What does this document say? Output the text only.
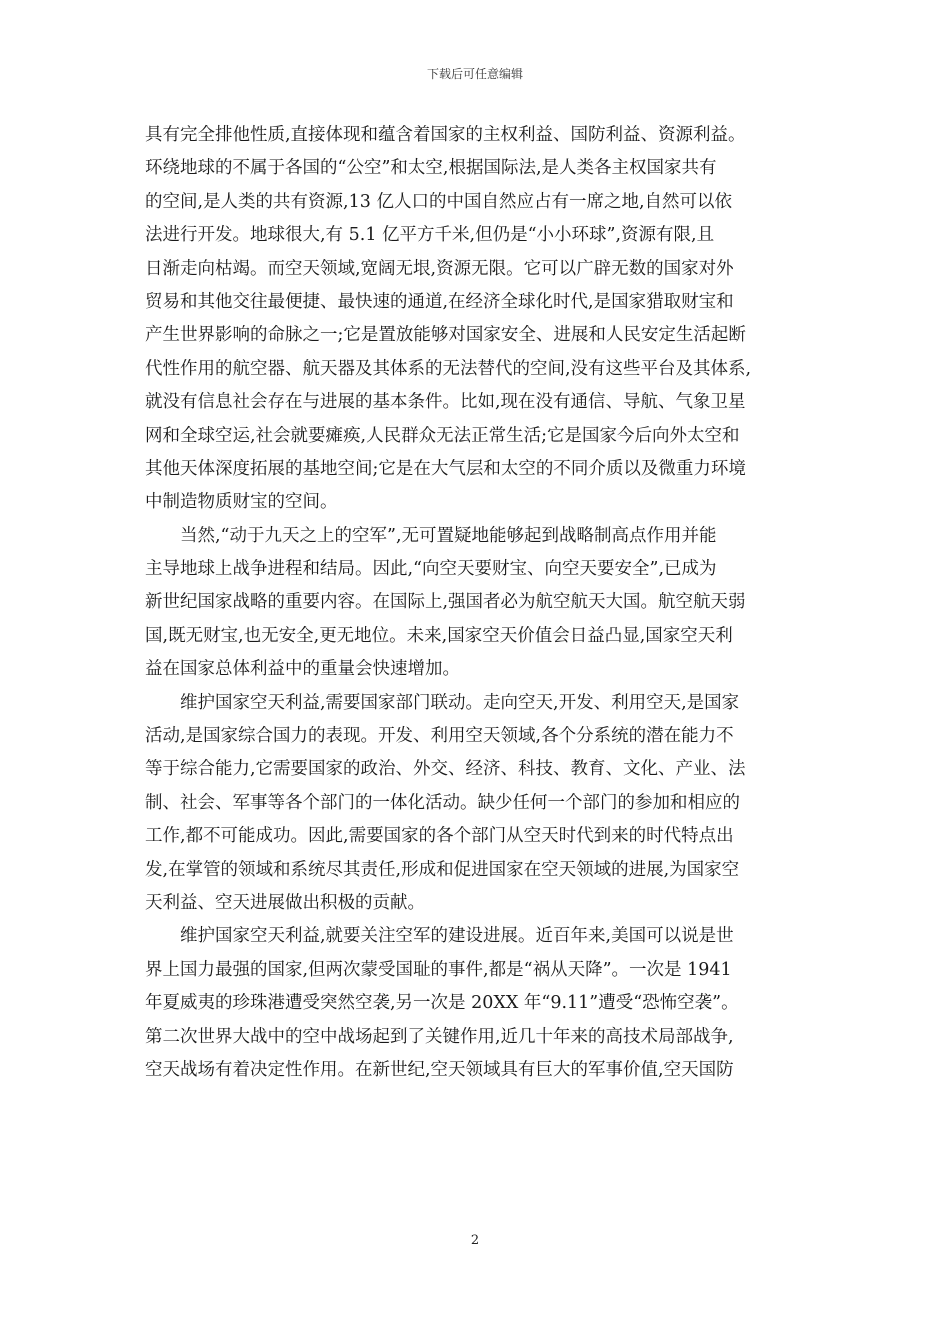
下载后可任意编辑
具有完全排他性质,直接体现和蕴含着国家的主权利益、国防利益、资源利益。
环绕地球的不属于各国的“公空”和太空,根据国际法,是人类各主权国家共有
的空间,是人类的共有资源,13 亿人口的中国自然应占有一席之地,自然可以依
法进行开发。地球很大,有 5.1 亿平方千米,但仍是“小小环球”,资源有限,且
日渐走向枯竭。而空天领域,宽阔无垠,资源无限。它可以广辟无数的国家对外
贸易和其他交往最便捷、最快速的通道,在经济全球化时代,是国家猎取财宝和
产生世界影响的命脉之一;它是置放能够对国家安全、进展和人民安定生活起断
代性作用的航空器、航天器及其体系的无法替代的空间,没有这些平台及其体系,
就没有信息社会存在与进展的基本条件。比如,现在没有通信、导航、气象卫星
网和全球空运,社会就要瘫痪,人民群众无法正常生活;它是国家今后向外太空和
其他天体深度拓展的基地空间;它是在大气层和太空的不同介质以及微重力环境
中制造物质财宝的空间。
　　当然,“动于九天之上的空军”,无可置疑地能够起到战略制高点作用并能
主导地球上战争进程和结局。因此,“向空天要财宝、向空天要安全”,已成为
新世纪国家战略的重要内容。在国际上,强国者必为航空航天大国。航空航天弱
国,既无财宝,也无安全,更无地位。未来,国家空天价值会日益凸显,国家空天利
益在国家总体利益中的重量会快速增加。
　　维护国家空天利益,需要国家部门联动。走向空天,开发、利用空天,是国家
活动,是国家综合国力的表现。开发、利用空天领域,各个分系统的潜在能力不
等于综合能力,它需要国家的政治、外交、经济、科技、教育、文化、产业、法
制、社会、军事等各个部门的一体化活动。缺少任何一个部门的参加和相应的
工作,都不可能成功。因此,需要国家的各个部门从空天时代到来的时代特点出
发,在掌管的领域和系统尽其责任,形成和促进国家在空天领域的进展,为国家空
天利益、空天进展做出积极的贡献。
　　维护国家空天利益,就要关注空军的建设进展。近百年来,美国可以说是世
界上国力最强的国家,但两次蒙受国耻的事件,都是“祸从天降”。一次是 1941
年夏威夷的珍珠港遭受突然空袭,另一次是 20XX 年“9.11”遭受“恐怖空袭”。
第二次世界大战中的空中战场起到了关键作用,近几十年来的高技术局部战争,
空天战场有着决定性作用。在新世纪,空天领域具有巨大的军事价值,空天国防
2
